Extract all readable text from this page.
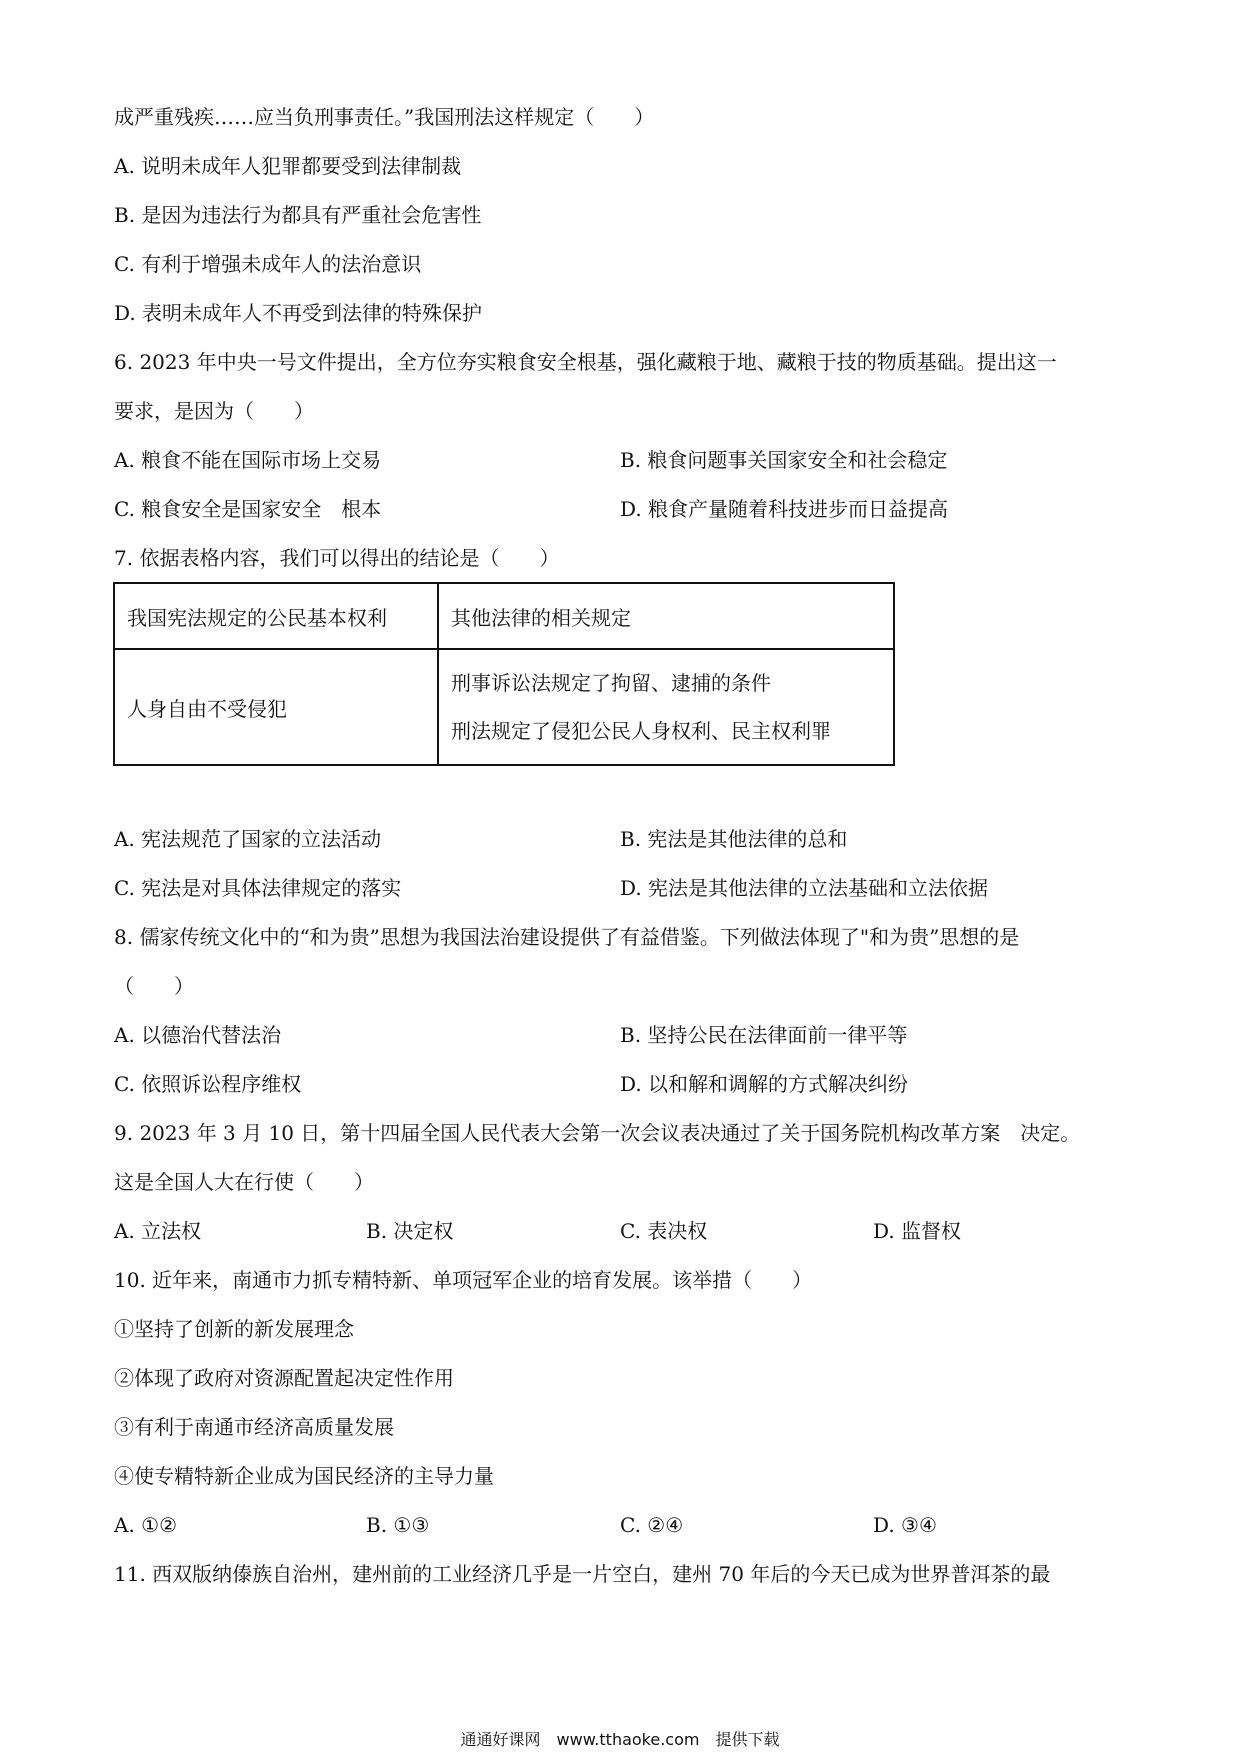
成严重残疾……应当负刑事责任。”我国刑法这样规定（　　）
A. 说明未成年人犯罪都要受到法律制裁
B. 是因为违法行为都具有严重社会危害性
C. 有利于增强未成年人的法治意识
D. 表明未成年人不再受到法律的特殊保护
6. 2023 年中央一号文件提出，全方位夯实粮食安全根基，强化藏粮于地、藏粮于技的物质基础。提出这一
要求，是因为（　　）
A. 粮食不能在国际市场上交易	B. 粮食问题事关国家安全和社会稳定
C. 粮食安全是国家安全　根本	D. 粮食产量随着科技进步而日益提高
7. 依据表格内容，我们可以得出的结论是（　　）
我国宪法规定的公民基本权利	其他法律的相关规定
人身自由不受侵犯	刑事诉讼法规定了拘留、逮捕的条件
刑法规定了侵犯公民人身权利、民主权利罪
A. 宪法规范了国家的立法活动	B. 宪法是其他法律的总和
C. 宪法是对具体法律规定的落实	D. 宪法是其他法律的立法基础和立法依据
8. 儒家传统文化中的“和为贵”思想为我国法治建设提供了有益借鉴。下列做法体现了"和为贵”思想的是
（　　）
A. 以德治代替法治	B. 坚持公民在法律面前一律平等
C. 依照诉讼程序维权	D. 以和解和调解的方式解决纠纷
9. 2023 年 3 月 10 日，第十四届全国人民代表大会第一次会议表决通过了关于国务院机构改革方案　决定。
这是全国人大在行使（　　）
A. 立法权	B. 决定权	C. 表决权	D. 监督权
10. 近年来，南通市力抓专精特新、单项冠军企业的培育发展。该举措（　　）
①坚持了创新的新发展理念
②体现了政府对资源配置起决定性作用
③有利于南通市经济高质量发展
④使专精特新企业成为国民经济的主导力量
A. ①②	B. ①③	C. ②④	D. ③④
11. 西双版纳傣族自治州，建州前的工业经济几乎是一片空白，建州 70 年后的今天已成为世界普洱茶的最
通通好课网　www.tthaoke.com　提供下载
